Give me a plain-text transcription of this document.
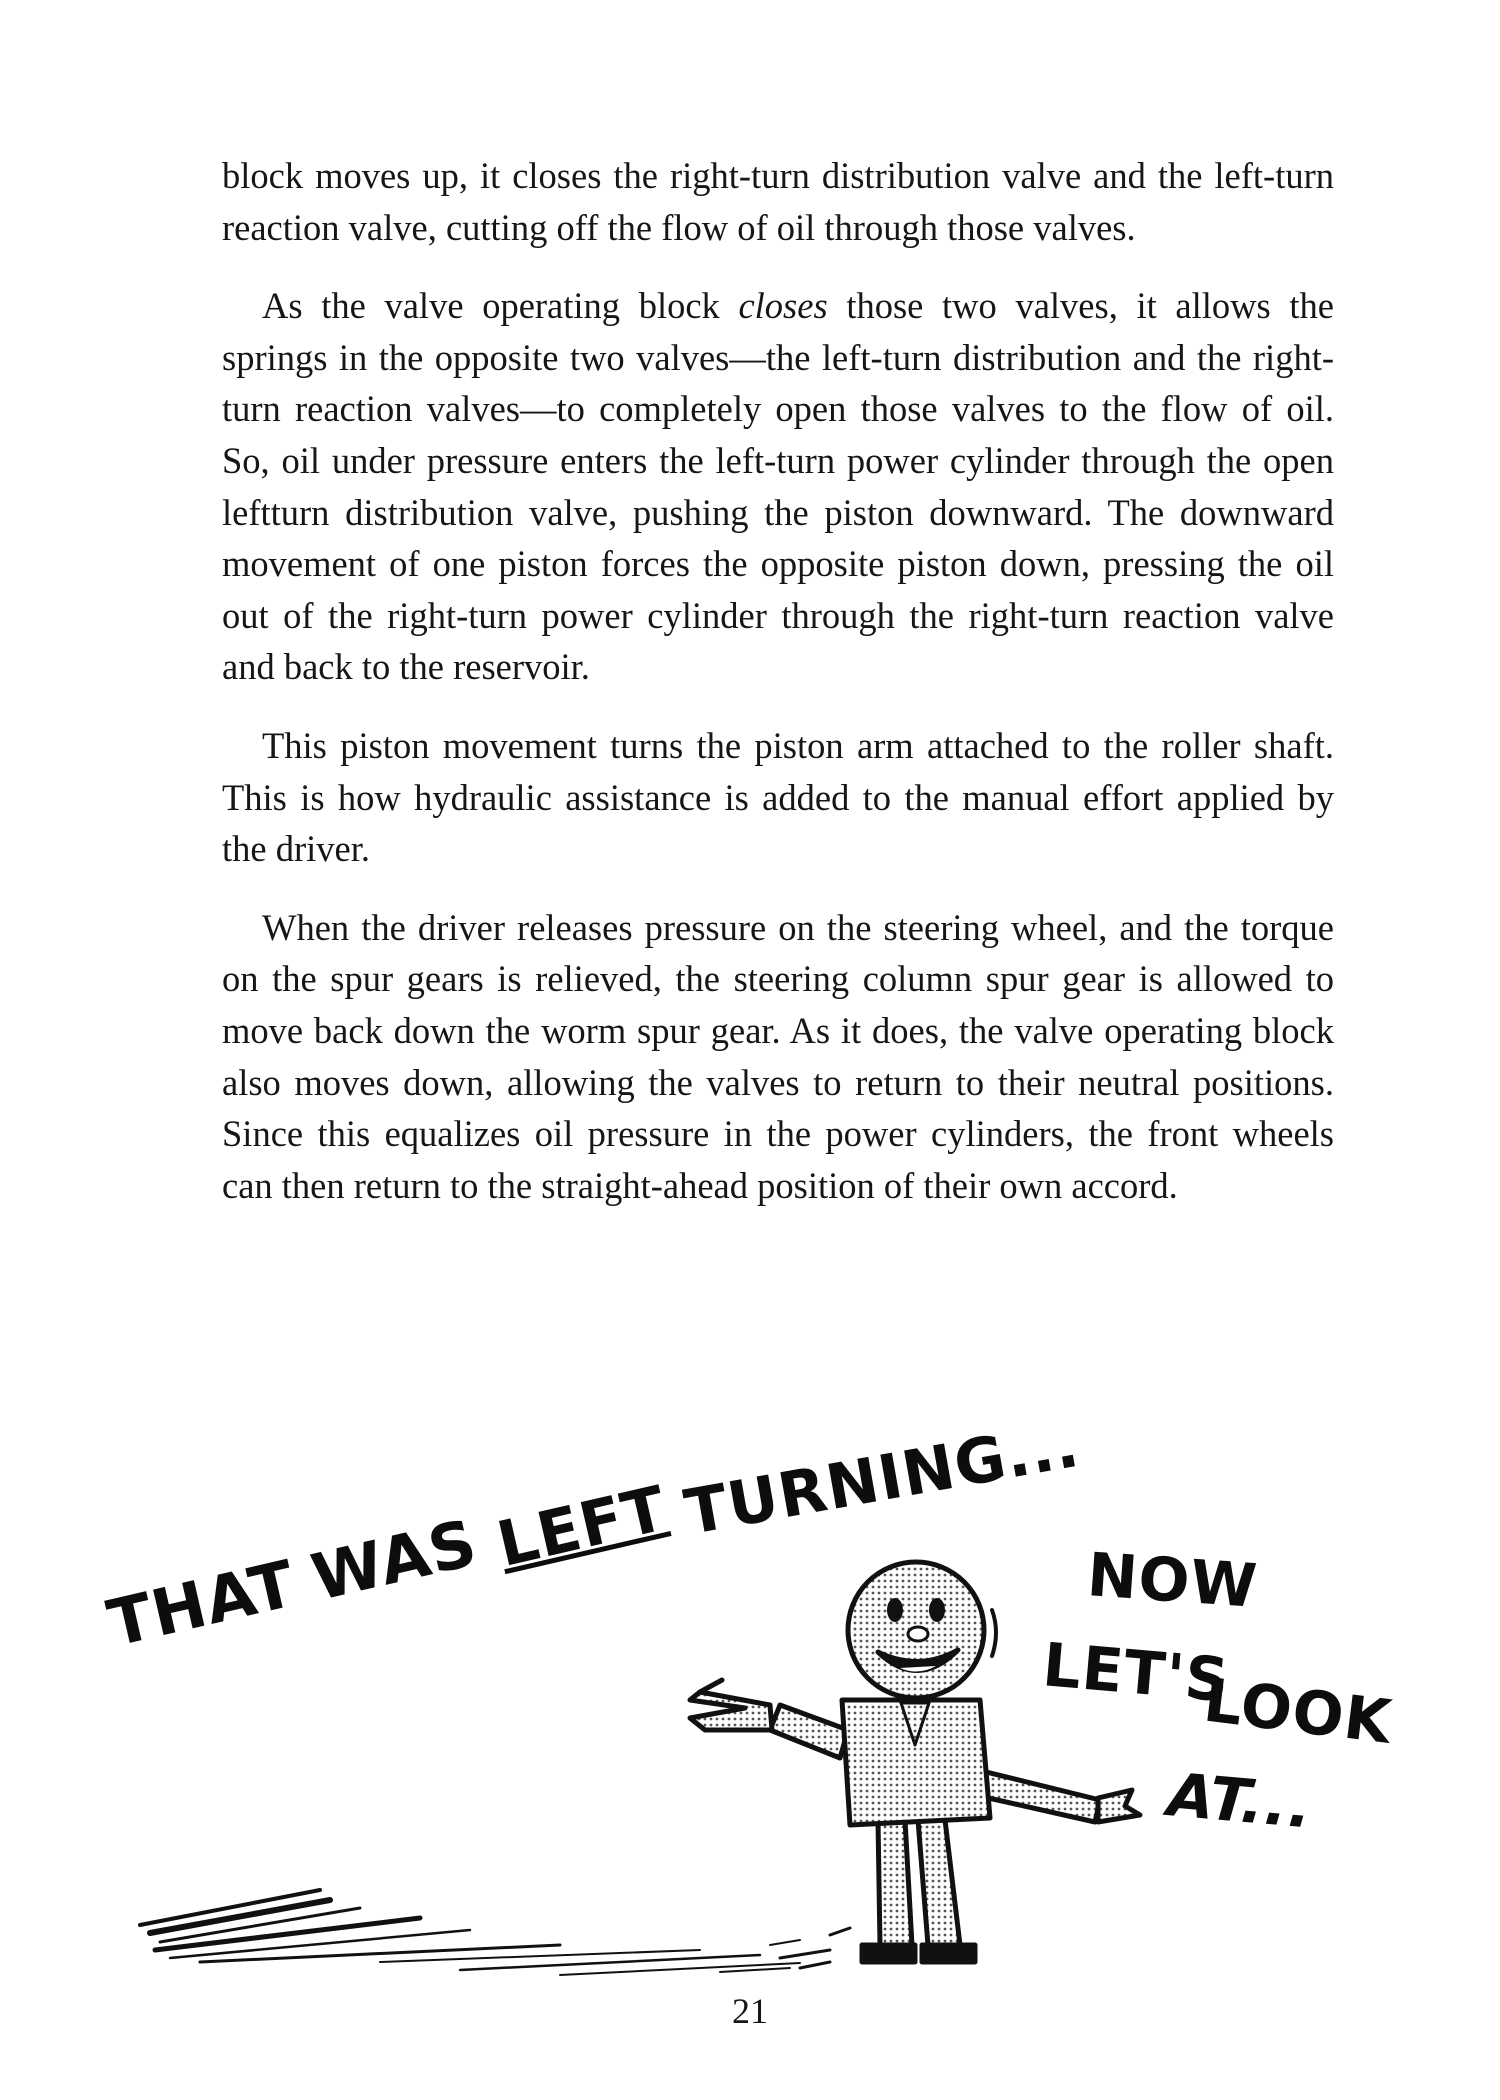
block moves up, it closes the right-turn distribution valve and the left-turn reaction valve, cutting off the flow of oil through those valves.

As the valve operating block closes those two valves, it allows the springs in the opposite two valves—the left-turn distribution and the right-turn reaction valves—to completely open those valves to the flow of oil. So, oil under pressure enters the left-turn power cylinder through the open leftturn distribution valve, pushing the piston downward. The downward movement of one piston forces the opposite piston down, pressing the oil out of the right-turn power cylinder through the right-turn reaction valve and back to the reservoir.

This piston movement turns the piston arm attached to the roller shaft. This is how hydraulic assistance is added to the manual effort applied by the driver.

When the driver releases pressure on the steering wheel, and the torque on the spur gears is relieved, the steering column spur gear is allowed to move back down the worm spur gear. As it does, the valve operating block also moves down, allowing the valves to return to their neutral positions. Since this equalizes oil pressure in the power cylinders, the front wheels can then return to the straight-ahead position of their own accord.

THAT WAS LEFT TURNING...
NOW
LET'S
LOOK
AT...
21
